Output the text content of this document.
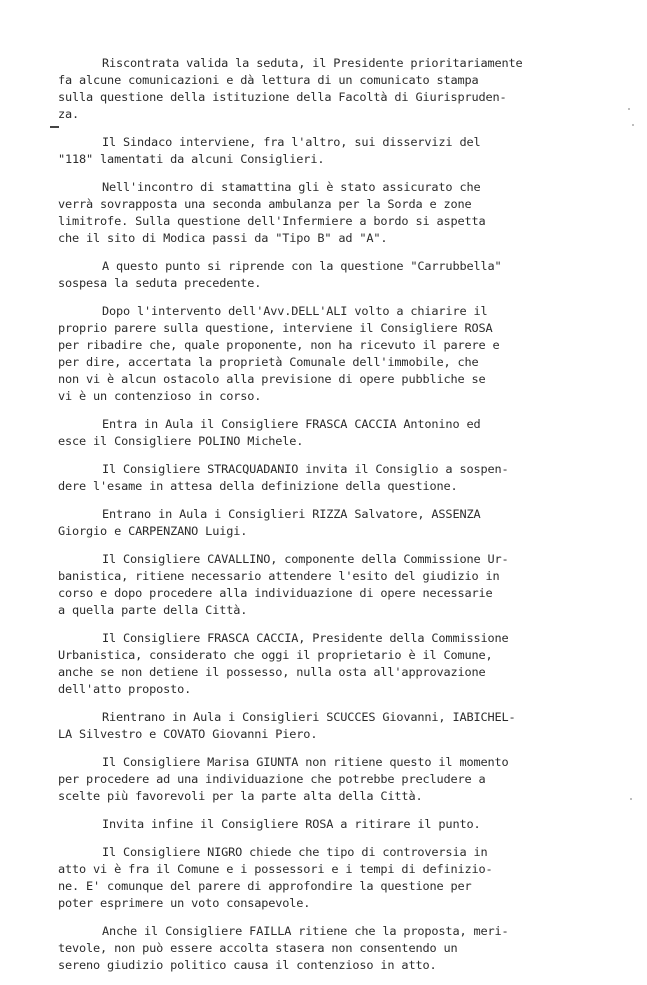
Riscontrata valida la seduta, il Presidente prioritariamente
fa alcune comunicazioni e dà lettura di un comunicato stampa
sulla questione della istituzione della Facoltà di Giurispruden-
za.
Il Sindaco interviene, fra l'altro, sui disservizi del
"118" lamentati da alcuni Consiglieri.
Nell'incontro di stamattina gli è stato assicurato che
verrà sovrapposta una seconda ambulanza per la Sorda e zone
limitrofe. Sulla questione dell'Infermiere a bordo si aspetta
che il sito di Modica passi da "Tipo B" ad "A".
A questo punto si riprende con la questione "Carrubbella"
sospesa la seduta precedente.
Dopo l'intervento dell'Avv.DELL'ALI volto a chiarire il
proprio parere sulla questione, interviene il Consigliere ROSA
per ribadire che, quale proponente, non ha ricevuto il parere e
per dire, accertata la proprietà Comunale dell'immobile, che
non vi è alcun ostacolo alla previsione di opere pubbliche se
vi è un contenzioso in corso.
Entra in Aula il Consigliere FRASCA CACCIA Antonino ed
esce il Consigliere POLINO Michele.
Il Consigliere STRACQUADANIO invita il Consiglio a sospen-
dere l'esame in attesa della definizione della questione.
Entrano in Aula i Consiglieri RIZZA Salvatore, ASSENZA
Giorgio e CARPENZANO Luigi.
Il Consigliere CAVALLINO, componente della Commissione Ur-
banistica, ritiene necessario attendere l'esito del giudizio in
corso e dopo procedere alla individuazione di opere necessarie
a quella parte della Città.
Il Consigliere FRASCA CACCIA, Presidente della Commissione
Urbanistica, considerato che oggi il proprietario è il Comune,
anche se non detiene il possesso, nulla osta all'approvazione
dell'atto proposto.
Rientrano in Aula i Consiglieri SCUCCES Giovanni, IABICHEL-
LA Silvestro e COVATO Giovanni Piero.
Il Consigliere Marisa GIUNTA non ritiene questo il momento
per procedere ad una individuazione che potrebbe precludere a
scelte più favorevoli per la parte alta della Città.
Invita infine il Consigliere ROSA a ritirare il punto.
Il Consigliere NIGRO chiede che tipo di controversia in
atto vi è fra il Comune e i possessori e i tempi di definizio-
ne. E' comunque del parere di approfondire la questione per
poter esprimere un voto consapevole.
Anche il Consigliere FAILLA ritiene che la proposta, meri-
tevole, non può essere accolta stasera non consentendo un
sereno giudizio politico causa il contenzioso in atto.
